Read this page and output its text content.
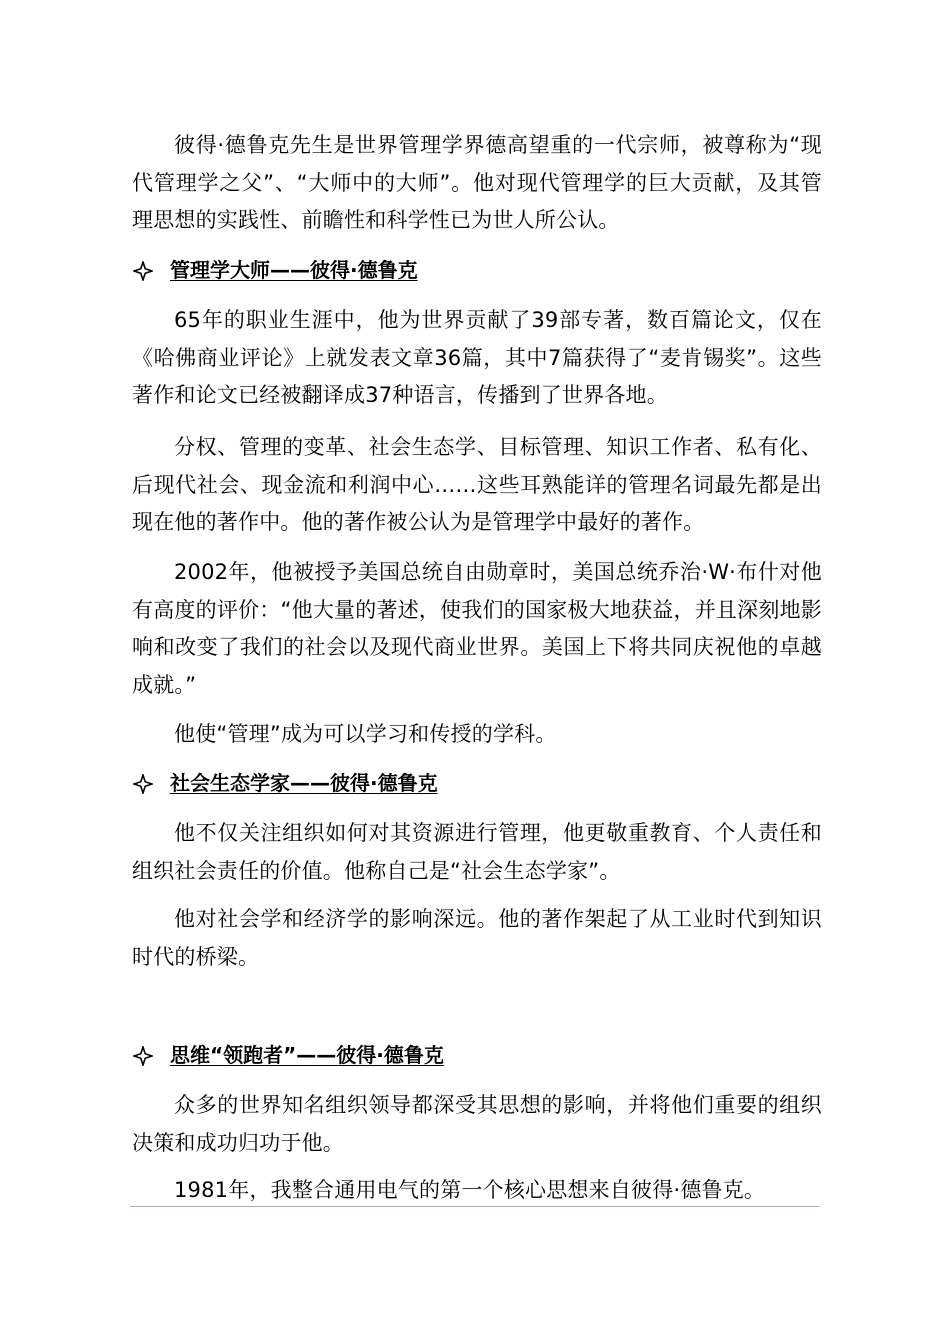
彼得·德鲁克先生是世界管理学界德高望重的一代宗师，被尊称为“现代管理学之父”、“大师中的大师”。他对现代管理学的巨大贡献，及其管理思想的实践性、前瞻性和科学性已为世人所公认。

管理学大师——彼得·德鲁克

65年的职业生涯中，他为世界贡献了39部专著，数百篇论文，仅在《哈佛商业评论》上就发表文章36篇，其中7篇获得了“麦肯锡奖”。这些著作和论文已经被翻译成37种语言，传播到了世界各地。

分权、管理的变革、社会生态学、目标管理、知识工作者、私有化、后现代社会、现金流和利润中心……这些耳熟能详的管理名词最先都是出现在他的著作中。他的著作被公认为是管理学中最好的著作。

2002年，他被授予美国总统自由勋章时，美国总统乔治·W·布什对他有高度的评价：“他大量的著述，使我们的国家极大地获益，并且深刻地影响和改变了我们的社会以及现代商业世界。美国上下将共同庆祝他的卓越成就。”

他使“管理”成为可以学习和传授的学科。

社会生态学家——彼得·德鲁克

他不仅关注组织如何对其资源进行管理，他更敬重教育、个人责任和组织社会责任的价值。他称自己是“社会生态学家”。

他对社会学和经济学的影响深远。他的著作架起了从工业时代到知识时代的桥梁。

思维“领跑者”——彼得·德鲁克

众多的世界知名组织领导都深受其思想的影响，并将他们重要的组织决策和成功归功于他。

1981年，我整合通用电气的第一个核心思想来自彼得·德鲁克。
